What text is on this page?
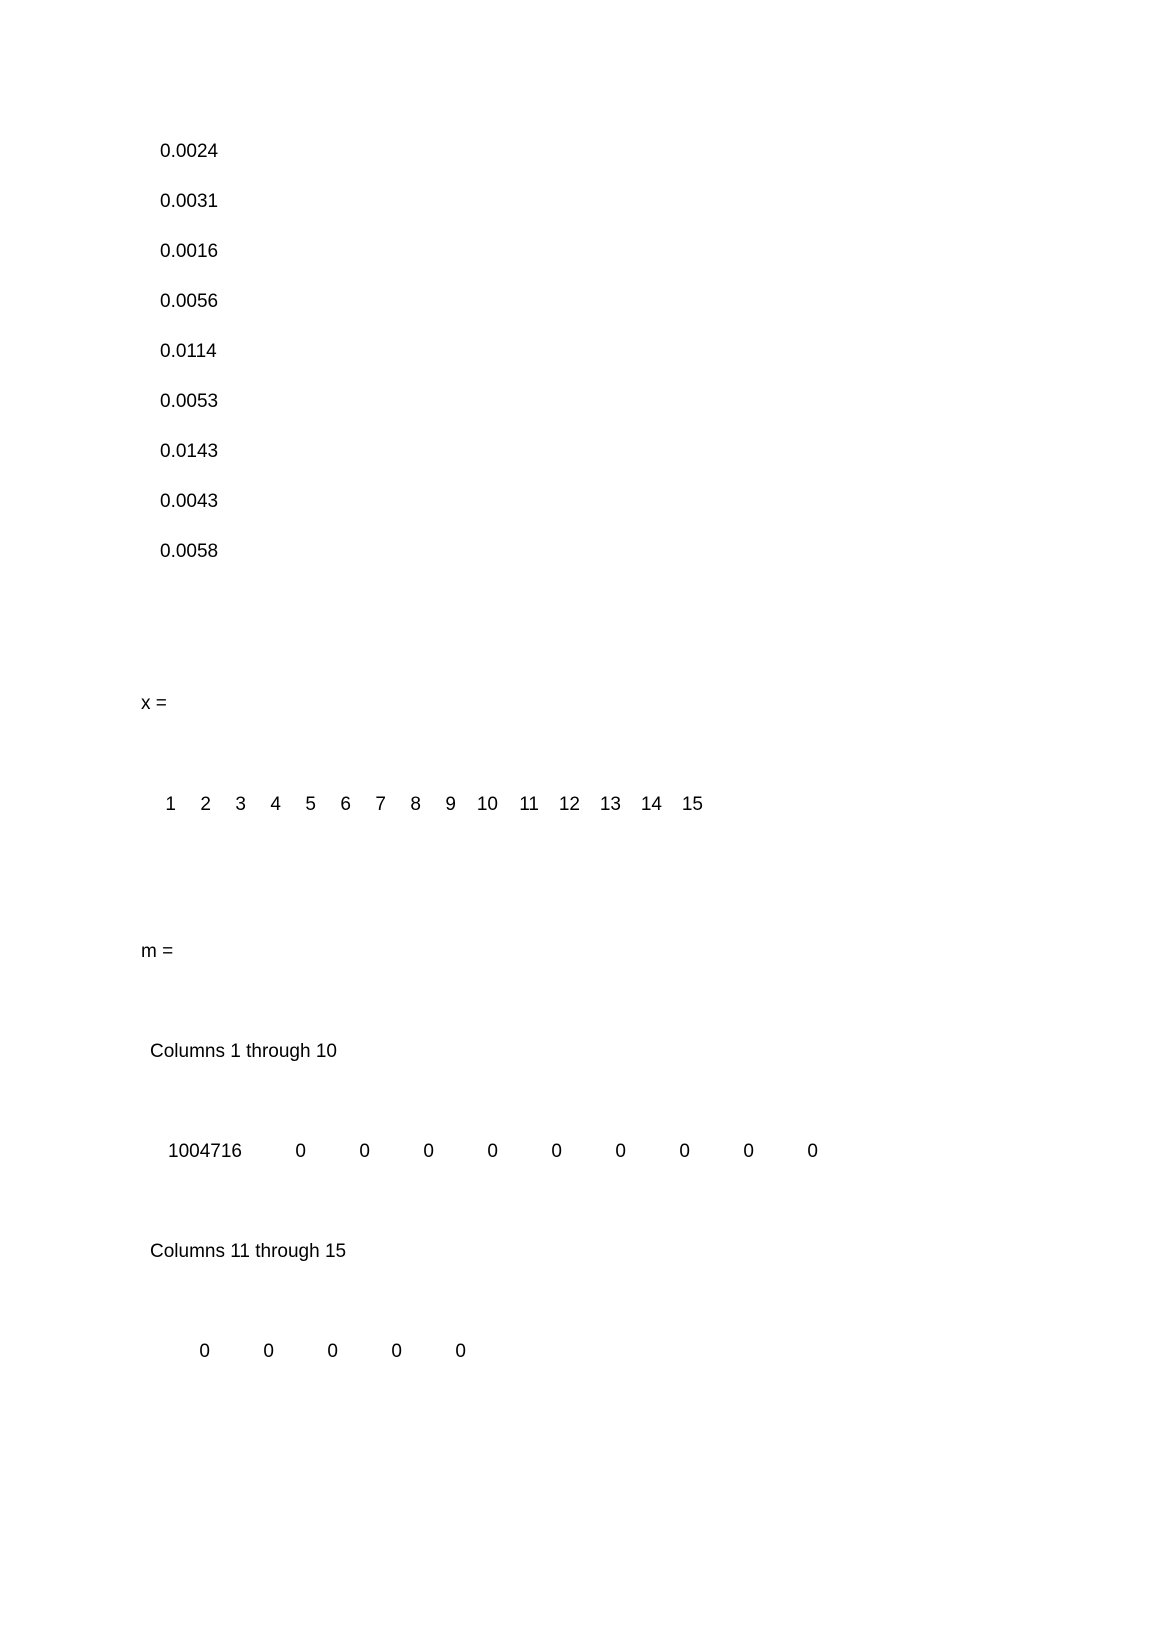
0.0024
0.0031
0.0016
0.0056
0.0114
0.0053
0.0143
0.0043
0.0058
x =
1	2	3	4	5	6	7	8	9	10	11	12	13	14	15
m =
Columns 1 through 10
1004716	0	0	0	0	0	0	0	0	0
Columns 11 through 15
0	0	0	0	0
